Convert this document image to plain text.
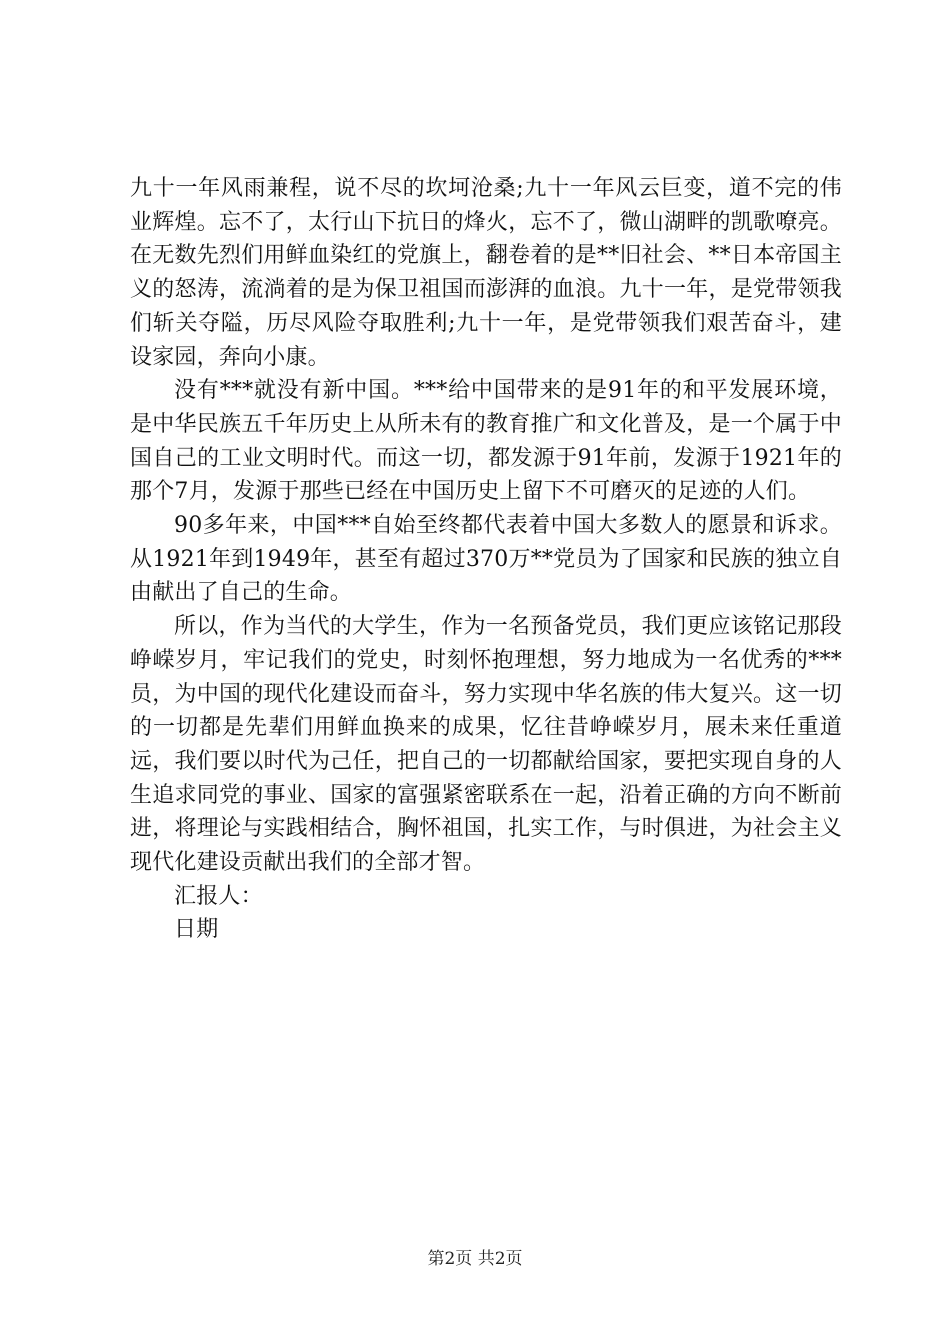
九十一年风雨兼程，说不尽的坎坷沧桑;九十一年风云巨变，道不完的伟业辉煌。忘不了，太行山下抗日的烽火，忘不了，微山湖畔的凯歌嘹亮。在无数先烈们用鲜血染红的党旗上，翻卷着的是**旧社会、**日本帝国主义的怒涛，流淌着的是为保卫祖国而澎湃的血浪。九十一年，是党带领我们斩关夺隘，历尽风险夺取胜利;九十一年，是党带领我们艰苦奋斗，建设家园，奔向小康。

没有***就没有新中国。***给中国带来的是91年的和平发展环境，是中华民族五千年历史上从所未有的教育推广和文化普及，是一个属于中国自己的工业文明时代。而这一切，都发源于91年前，发源于1921年的那个7月，发源于那些已经在中国历史上留下不可磨灭的足迹的人们。

90多年来，中国***自始至终都代表着中国大多数人的愿景和诉求。从1921年到1949年，甚至有超过370万**党员为了国家和民族的独立自由献出了自己的生命。

所以，作为当代的大学生，作为一名预备党员，我们更应该铭记那段峥嵘岁月，牢记我们的党史，时刻怀抱理想，努力地成为一名优秀的***员，为中国的现代化建设而奋斗，努力实现中华名族的伟大复兴。这一切的一切都是先辈们用鲜血换来的成果，忆往昔峥嵘岁月，展未来任重道远，我们要以时代为己任，把自己的一切都献给国家，要把实现自身的人生追求同党的事业、国家的富强紧密联系在一起，沿着正确的方向不断前进，将理论与实践相结合，胸怀祖国，扎实工作，与时俱进，为社会主义现代化建设贡献出我们的全部才智。

汇报人：

日期

第2页 共2页
